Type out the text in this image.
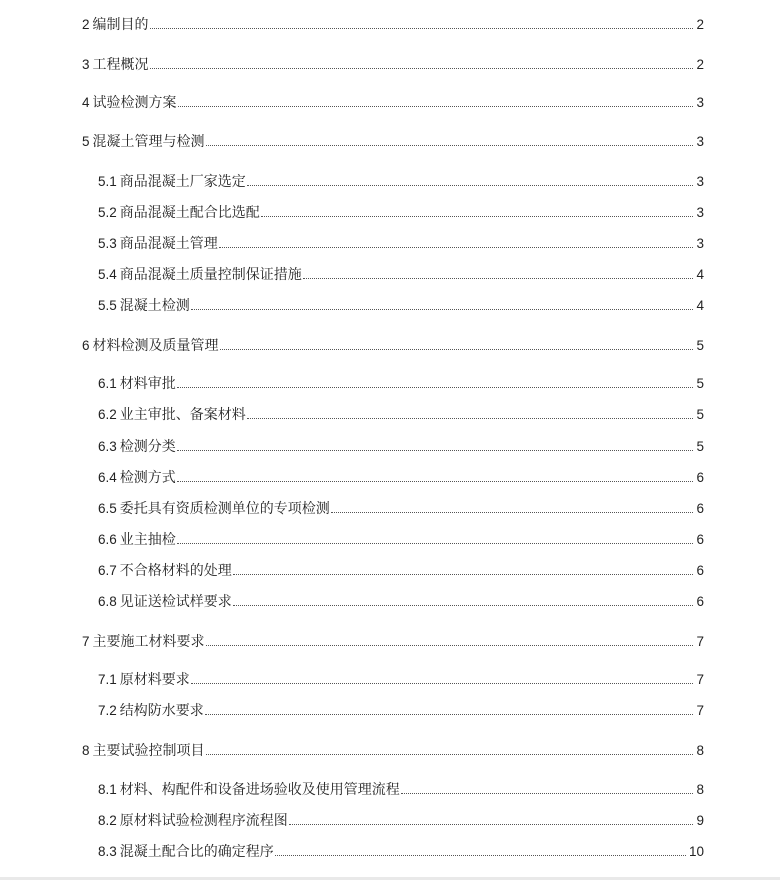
2 编制目的	2
3 工程概况	2
4 试验检测方案	3
5 混凝土管理与检测	3
5.1 商品混凝土厂家选定	3
5.2 商品混凝土配合比选配	3
5.3 商品混凝土管理	3
5.4 商品混凝土质量控制保证措施	4
5.5 混凝土检测	4
6 材料检测及质量管理	5
6.1 材料审批	5
6.2 业主审批、备案材料	5
6.3 检测分类	5
6.4 检测方式	6
6.5 委托具有资质检测单位的专项检测	6
6.6 业主抽检	6
6.7 不合格材料的处理	6
6.8 见证送检试样要求	6
7 主要施工材料要求	7
7.1 原材料要求	7
7.2 结构防水要求	7
8 主要试验控制项目	8
8.1 材料、构配件和设备进场验收及使用管理流程	8
8.2 原材料试验检测程序流程图	9
8.3 混凝土配合比的确定程序	10
